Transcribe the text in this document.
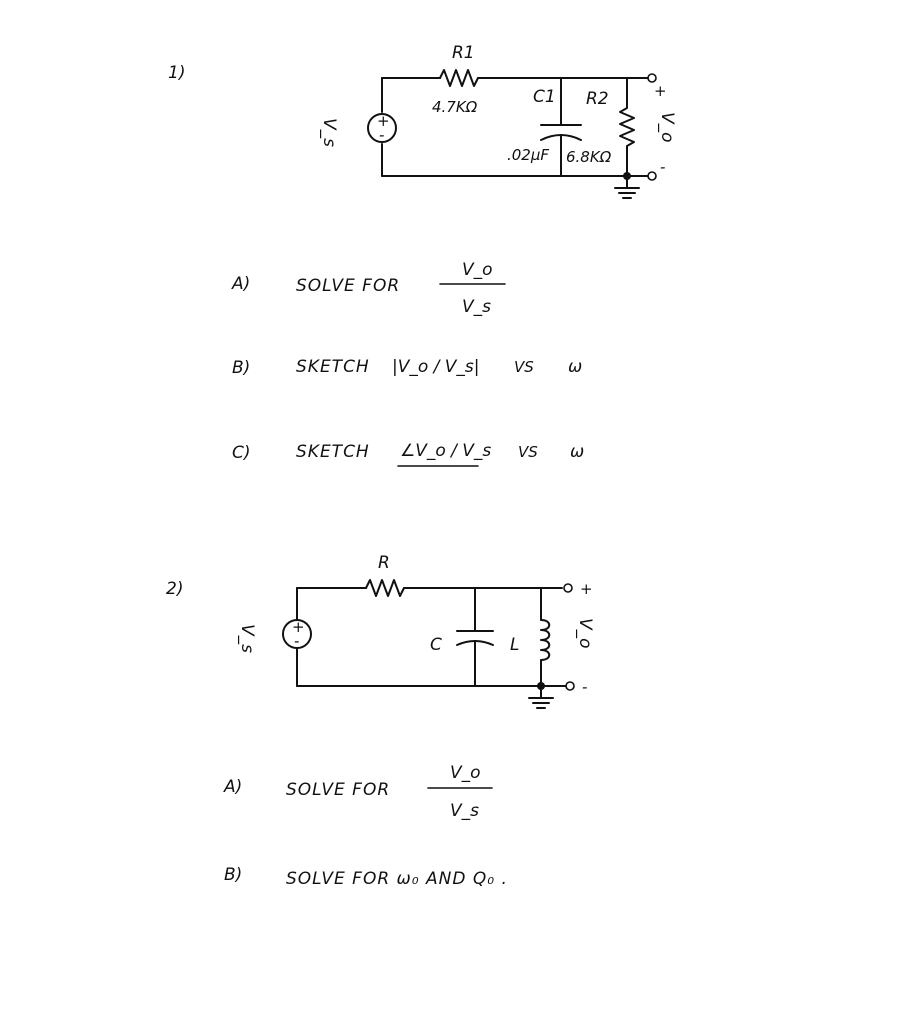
1)
+
-
V_s
R1
4.7KΩ	C1
.02μF
R2
6.8KΩ
+
-
V_o
A)	SOLVE FOR
V_o
V_s
B)	SKETCH |V_o / V_s| VS ω
C)	SKETCH ∠V_o / V_s VS ω
2)
+
-
V_s
R
C	L
+
-
V_o
A)	SOLVE FOR
V_o
V_s
B)	SOLVE FOR ω₀ AND Q₀ .
